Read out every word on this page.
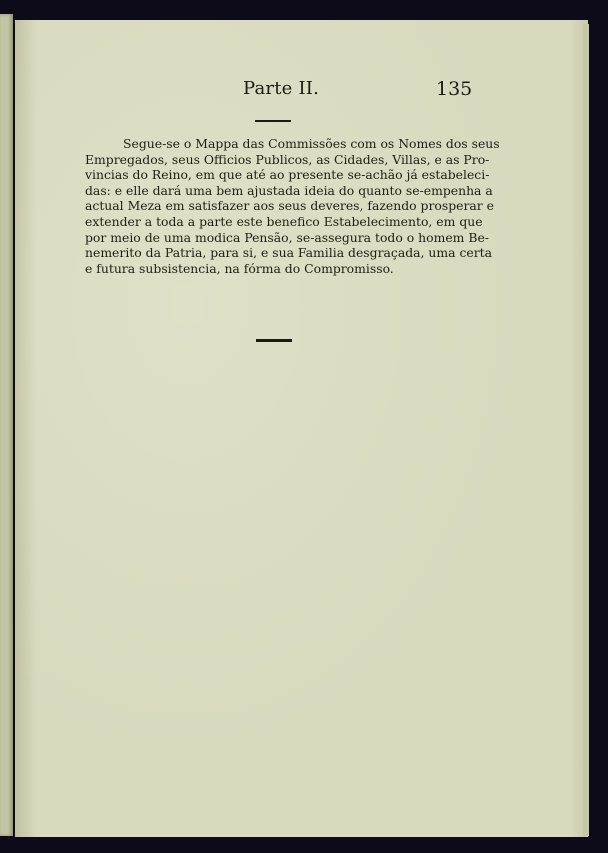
Parte II.	135
Segue-se o Mappa das Commissões com os Nomes dos seus
Empregados, seus Officios Publicos, as Cidades, Villas, e as Pro-
vincias do Reino, em que até ao presente se-achão já estabeleci-
das: e elle dará uma bem ajustada ideia do quanto se-empenha a
actual Meza em satisfazer aos seus deveres, fazendo prosperar e
extender a toda a parte este benefico Estabelecimento, em que
por meio de uma modica Pensão, se-assegura todo o homem Be-
nemerito da Patria, para si, e sua Familia desgraçada, uma certa
e futura subsistencia, na fórma do Compromisso.
